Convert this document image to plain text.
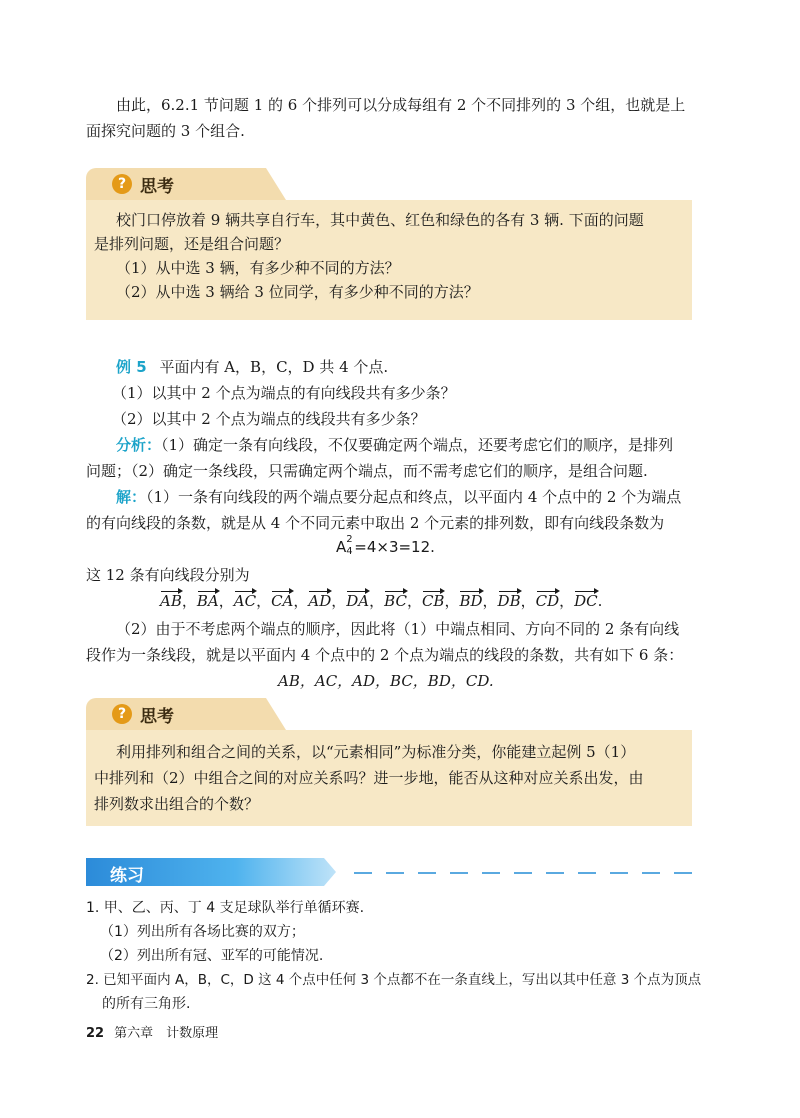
由此，6.2.1 节问题 1 的 6 个排列可以分成每组有 2 个不同排列的 3 个组，也就是上
面探究问题的 3 个组合.
? 思考
校门口停放着 9 辆共享自行车，其中黄色、红色和绿色的各有 3 辆. 下面的问题
是排列问题，还是组合问题？
（1）从中选 3 辆，有多少种不同的方法？
（2）从中选 3 辆给 3 位同学，有多少种不同的方法？
例 5 平面内有 A，B，C，D 共 4 个点.
（1）以其中 2 个点为端点的有向线段共有多少条？
（2）以其中 2 个点为端点的线段共有多少条？
分析：（1）确定一条有向线段，不仅要确定两个端点，还要考虑它们的顺序，是排列
问题；（2）确定一条线段，只需确定两个端点，而不需考虑它们的顺序，是组合问题.
解：（1）一条有向线段的两个端点要分起点和终点，以平面内 4 个点中的 2 个为端点
的有向线段的条数，就是从 4 个不同元素中取出 2 个元素的排列数，即有向线段条数为
A 2
4 =4×3=12.
这 12 条有向线段分别为
AB，BA，AC，CA，AD，DA，BC，CB，BD，DB，CD，DC.
（2）由于不考虑两个端点的顺序，因此将（1）中端点相同、方向不同的 2 条有向线
段作为一条线段，就是以平面内 4 个点中的 2 个点为端点的线段的条数，共有如下 6 条：
AB，AC，AD，BC，BD，CD.
? 思考
利用排列和组合之间的关系，以“元素相同”为标准分类，你能建立起例 5（1）
中排列和（2）中组合之间的对应关系吗？进一步地，能否从这种对应关系出发，由
排列数求出组合的个数？
练习
1. 甲、乙、丙、丁 4 支足球队举行单循环赛.
（1）列出所有各场比赛的双方；
（2）列出所有冠、亚军的可能情况.
2. 已知平面内 A，B，C，D 这 4 个点中任何 3 个点都不在一条直线上，写出以其中任意 3 个点为顶点
的所有三角形.
22 第六章　计数原理
